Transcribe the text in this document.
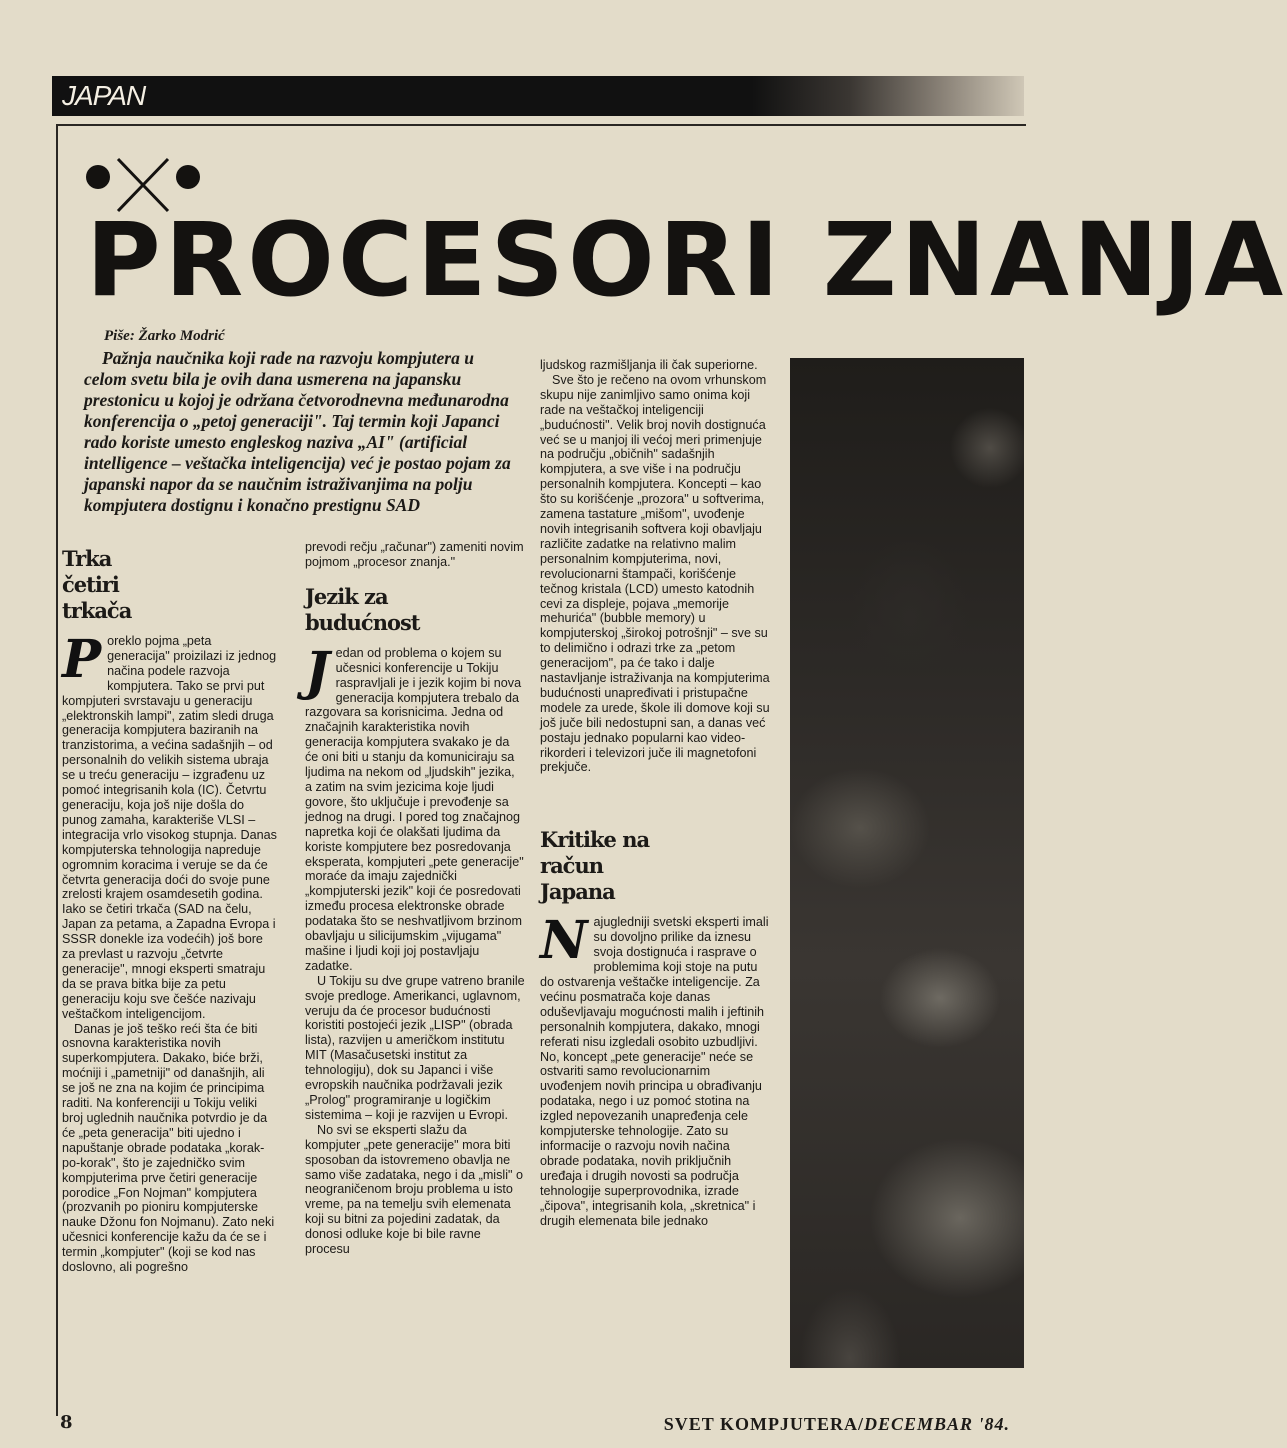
JAPAN
PROCESORI ZNANJA
Piše: Žarko Modrić

Pažnja naučnika koji rade na razvoju kompjutera u celom svetu bila je ovih dana usmerena na japansku prestonicu u kojoj je održana četvorodnevna međunarodna konferencija o „petoj generaciji". Taj termin koji Japanci rado koriste umesto engleskog naziva „AI" (artificial intelligence – veštačka inteligencija) već je postao pojam za japanski napor da se naučnim istraživanjima na polju kompjutera dostignu i konačno prestignu SAD

Trka četiri trkača

Poreklo pojma „peta generacija" proizilazi iz jednog načina podele razvoja kompjutera. Tako se prvi put kompjuteri svrstavaju u generaciju „elektronskih lampi", zatim sledi druga generacija kompjutera baziranih na tranzistorima, a većina sadašnjih – od personalnih do velikih sistema ubraja se u treću generaciju – izgrađenu uz pomoć integrisanih kola (IC). Četvrtu generaciju, koja još nije došla do punog zamaha, karakteriše VLSI – integracija vrlo visokog stupnja. Danas kompjuterska tehnologija napreduje ogromnim koracima i veruje se da će četvrta generacija doći do svoje pune zrelosti krajem osamdesetih godina. Iako se četiri trkača (SAD na čelu, Japan za petama, a Zapadna Evropa i SSSR donekle iza vodećih) još bore za prevlast u razvoju „četvrte generacije", mnogi eksperti smatraju da se prava bitka bije za petu generaciju koju sve češće nazivaju veštačkom inteligencijom.

Danas je još teško reći šta će biti osnovna karakteristika novih superkompjutera. Dakako, biće brži, moćniji i „pametniji" od današnjih, ali se još ne zna na kojim će principima raditi. Na konferenciji u Tokiju veliki broj uglednih naučnika potvrdio je da će „peta generacija" biti ujedno i napuštanje obrade podataka „korak-po-korak", što je zajedničko svim kompjuterima prve četiri generacije porodice „Fon Nojman" kompjutera (prozvanih po pioniru kompjuterske nauke Džonu fon Nojmanu). Zato neki učesnici konferencije kažu da će se i termin „kompjuter" (koji se kod nas doslovno, ali pogrešno

prevodi rečju „računar") zameniti novim pojmom „procesor znanja."

Jezik za budućnost

Jedan od problema o kojem su učesnici konferencije u Tokiju raspravljali je i jezik kojim bi nova generacija kompjutera trebalo da razgovara sa korisnicima. Jedna od značajnih karakteristika novih generacija kompjutera svakako je da će oni biti u stanju da komuniciraju sa ljudima na nekom od „ljudskih" jezika, a zatim na svim jezicima koje ljudi govore, što uključuje i prevođenje sa jednog na drugi. I pored tog značajnog napretka koji će olakšati ljudima da koriste kompjutere bez posredovanja eksperata, kompjuteri „pete generacije" moraće da imaju zajednički „kompjuterski jezik" koji će posredovati između procesa elektronske obrade podataka što se neshvatljivom brzinom obavljaju u silicijumskim „vijugama" mašine i ljudi koji joj postavljaju zadatke.

U Tokiju su dve grupe vatreno branile svoje predloge. Amerikanci, uglavnom, veruju da će procesor budućnosti koristiti postojeći jezik „LISP" (obrada lista), razvijen u američkom institutu MIT (Masačusetski institut za tehnologiju), dok su Japanci i više evropskih naučnika podržavali jezik „Prolog" programiranje u logičkim sistemima – koji je razvijen u Evropi.

No svi se eksperti slažu da kompjuter „pete generacije" mora biti sposoban da istovremeno obavlja ne samo više zadataka, nego i da „misli" o neograničenom broju problema u isto vreme, pa na temelju svih elemenata koji su bitni za pojedini zadatak, da donosi odluke koje bi bile ravne procesu

ljudskog razmišljanja ili čak superiorne.

Sve što je rečeno na ovom vrhunskom skupu nije zanimljivo samo onima koji rade na veštačkoj inteligenciji „budućnosti". Velik broj novih dostignuća već se u manjoj ili većoj meri primenjuje na području „običnih" sadašnjih kompjutera, a sve više i na području personalnih kompjutera. Koncepti – kao što su korišćenje „prozora" u softverima, zamena tastature „mišom", uvođenje novih integrisanih softvera koji obavljaju različite zadatke na relativno malim personalnim kompjuterima, novi, revolucionarni štampači, korišćenje tečnog kristala (LCD) umesto katodnih cevi za displeje, pojava „memorije mehurića" (bubble memory) u kompjuterskoj „širokoj potrošnji" – sve su to delimično i odrazi trke za „petom generacijom", pa će tako i dalje nastavljanje istraživanja na kompjuterima budućnosti unapređivati i pristupačne modele za urede, škole ili domove koji su još juče bili nedostupni san, a danas već postaju jednako popularni kao video-rikorderi i televizori juče ili magnetofoni prekjuče.

Kritike na račun Japana

Najugledniji svetski eksperti imali su dovoljno prilike da iznesu svoja dostignuća i rasprave o problemima koji stoje na putu do ostvarenja veštačke inteligencije. Za većinu posmatrača koje danas oduševljavaju mogućnosti malih i jeftinih personalnih kompjutera, dakako, mnogi referati nisu izgledali osobito uzbudljivi. No, koncept „pete generacije" neće se ostvariti samo revolucionarnim uvođenjem novih principa u obrađivanju podataka, nego i uz pomoć stotina na izgled nepovezanih unapređenja cele kompjuterske tehnologije. Zato su informacije o razvoju novih načina obrade podataka, novih priključnih uređaja i drugih novosti sa područja tehnologije superprovodnika, izrade „čipova", integrisanih kola, „skretnica" i drugih elemenata bile jednako

8	SVET KOMPJUTERA/DECEMBAR '84.
